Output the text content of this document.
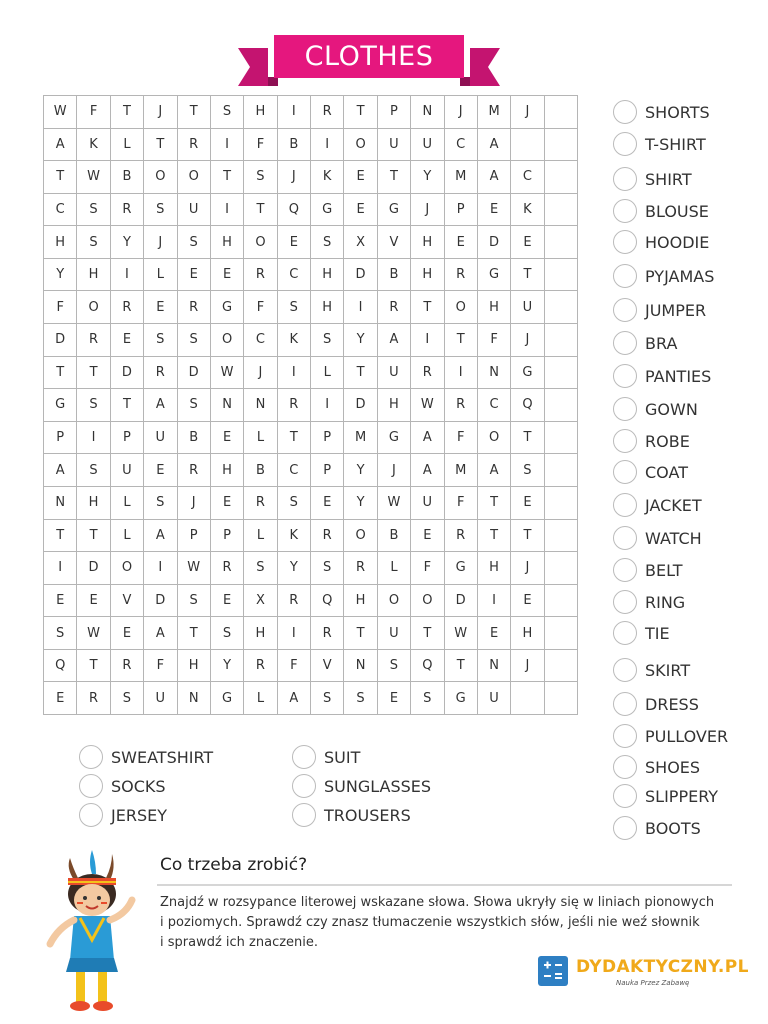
CLOTHES
W	F	T	J	T	S	H	I	R	T	P	N	J	M	J
A	K	L	T	R	I	F	B	I	O	U	U	C	A
T	W	B	O	O	T	S	J	K	E	T	Y	M	A	C
C	S	R	S	U	I	T	Q	G	E	G	J	P	E	K
H	S	Y	J	S	H	O	E	S	X	V	H	E	D	E
Y	H	I	L	E	E	R	C	H	D	B	H	R	G	T
F	O	R	E	R	G	F	S	H	I	R	T	O	H	U
D	R	E	S	S	O	C	K	S	Y	A	I	T	F	J
T	T	D	R	D	W	J	I	L	T	U	R	I	N	G
G	S	T	A	S	N	N	R	I	D	H	W	R	C	Q
P	I	P	U	B	E	L	T	P	M	G	A	F	O	T
A	S	U	E	R	H	B	C	P	Y	J	A	M	A	S
N	H	L	S	J	E	R	S	E	Y	W	U	F	T	E
T	T	L	A	P	P	L	K	R	O	B	E	R	T	T
I	D	O	I	W	R	S	Y	S	R	L	F	G	H	J
E	E	V	D	S	E	X	R	Q	H	O	O	D	I	E
S	W	E	A	T	S	H	I	R	T	U	T	W	E	H
Q	T	R	F	H	Y	R	F	V	N	S	Q	T	N	J
E	R	S	U	N	G	L	A	S	S	E	S	G	U
SHORTS
T-SHIRT
SHIRT
BLOUSE
HOODIE
PYJAMAS
JUMPER
BRA
PANTIES
GOWN
ROBE
COAT
JACKET
WATCH
BELT
RING
TIE
SKIRT
DRESS
PULLOVER
SHOES
SLIPPERY
BOOTS
SWEATSHIRT
SOCKS
JERSEY
SUIT
SUNGLASSES
TROUSERS
Co trzeba zrobić?
Znajdź w rozsypance literowej wskazane słowa. Słowa ukryły się w liniach pionowych
i poziomych. Sprawdź czy znasz tłumaczenie wszystkich słów, jeśli nie weź słownik
i sprawdź ich znaczenie.
DYDAKTYCZNY.PL
Nauka Przez Zabawę
